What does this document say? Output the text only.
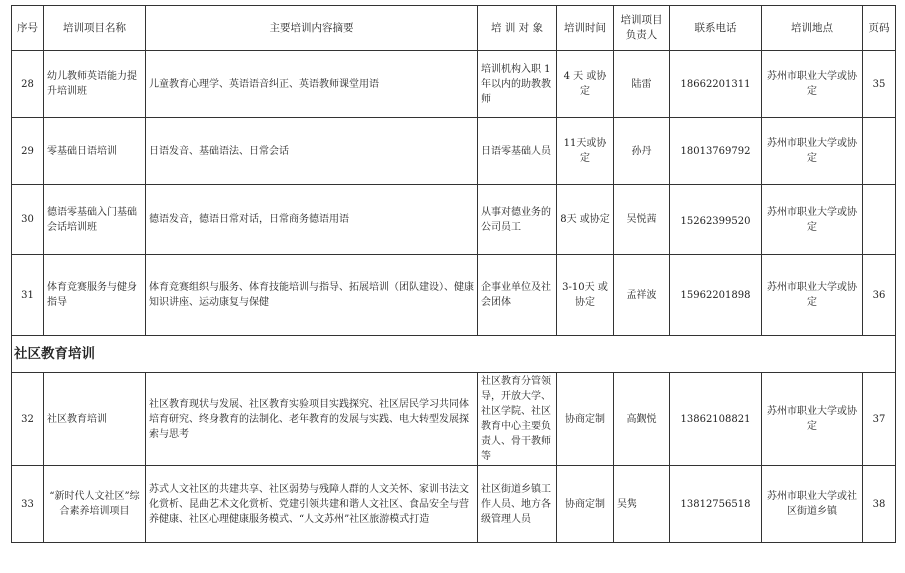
序号	培训项目名称	主要培训内容摘要	培 训 对 象	培训时间	培训项目负责人	联系电话	培训地点	页码
28	幼儿教师英语能力提升培训班	儿童教育心理学、英语语音纠正、英语教师课堂用语	培训机构入职 1 年以内的助教教师	4 天 或协定	陆雷	18662201311	苏州市职业大学或协定	35
29	零基础日语培训	日语发音、基础语法、日常会话	日语零基础人员	11天或协定	孙丹	18013769792	苏州市职业大学或协定	
30	德语零基础入门基础会话培训班	德语发音，德语日常对话，日常商务德语用语	从事对德业务的公司员工	8天 或协定	吴悦茜	15262399520	苏州市职业大学或协定	
31	体育竞赛服务与健身指导	体育竞赛组织与服务、体育技能培训与指导、拓展培训（团队建设）、健康知识讲座、运动康复与保健	企事业单位及社会团体	3-10天 或协定	孟祥波	15962201898	苏州市职业大学或协定	36
社区教育培训								
32	社区教育培训	社区教育现状与发展、社区教育实验项目实践探究、社区居民学习共同体培育研究、终身教育的法制化、老年教育的发展与实践、电大转型发展探索与思考	社区教育分管领导，开放大学、社区学院、社区教育中心主要负责人、骨干教师等	协商定制	高觐悦	13862108821	苏州市职业大学或协定	37
33	“新时代人文社区”综合素养培训项目	苏式人文社区的共建共享、社区弱势与残障人群的人文关怀、家训书法文化赏析、昆曲艺术文化赏析、党建引领共建和谐人文社区、食品安全与营养健康、社区心理健康服务模式、“人文苏州”社区旅游模式打造	社区街道乡镇工作人员、地方各级管理人员	协商定制	吴隽	13812756518	苏州市职业大学或社区街道乡镇	38
